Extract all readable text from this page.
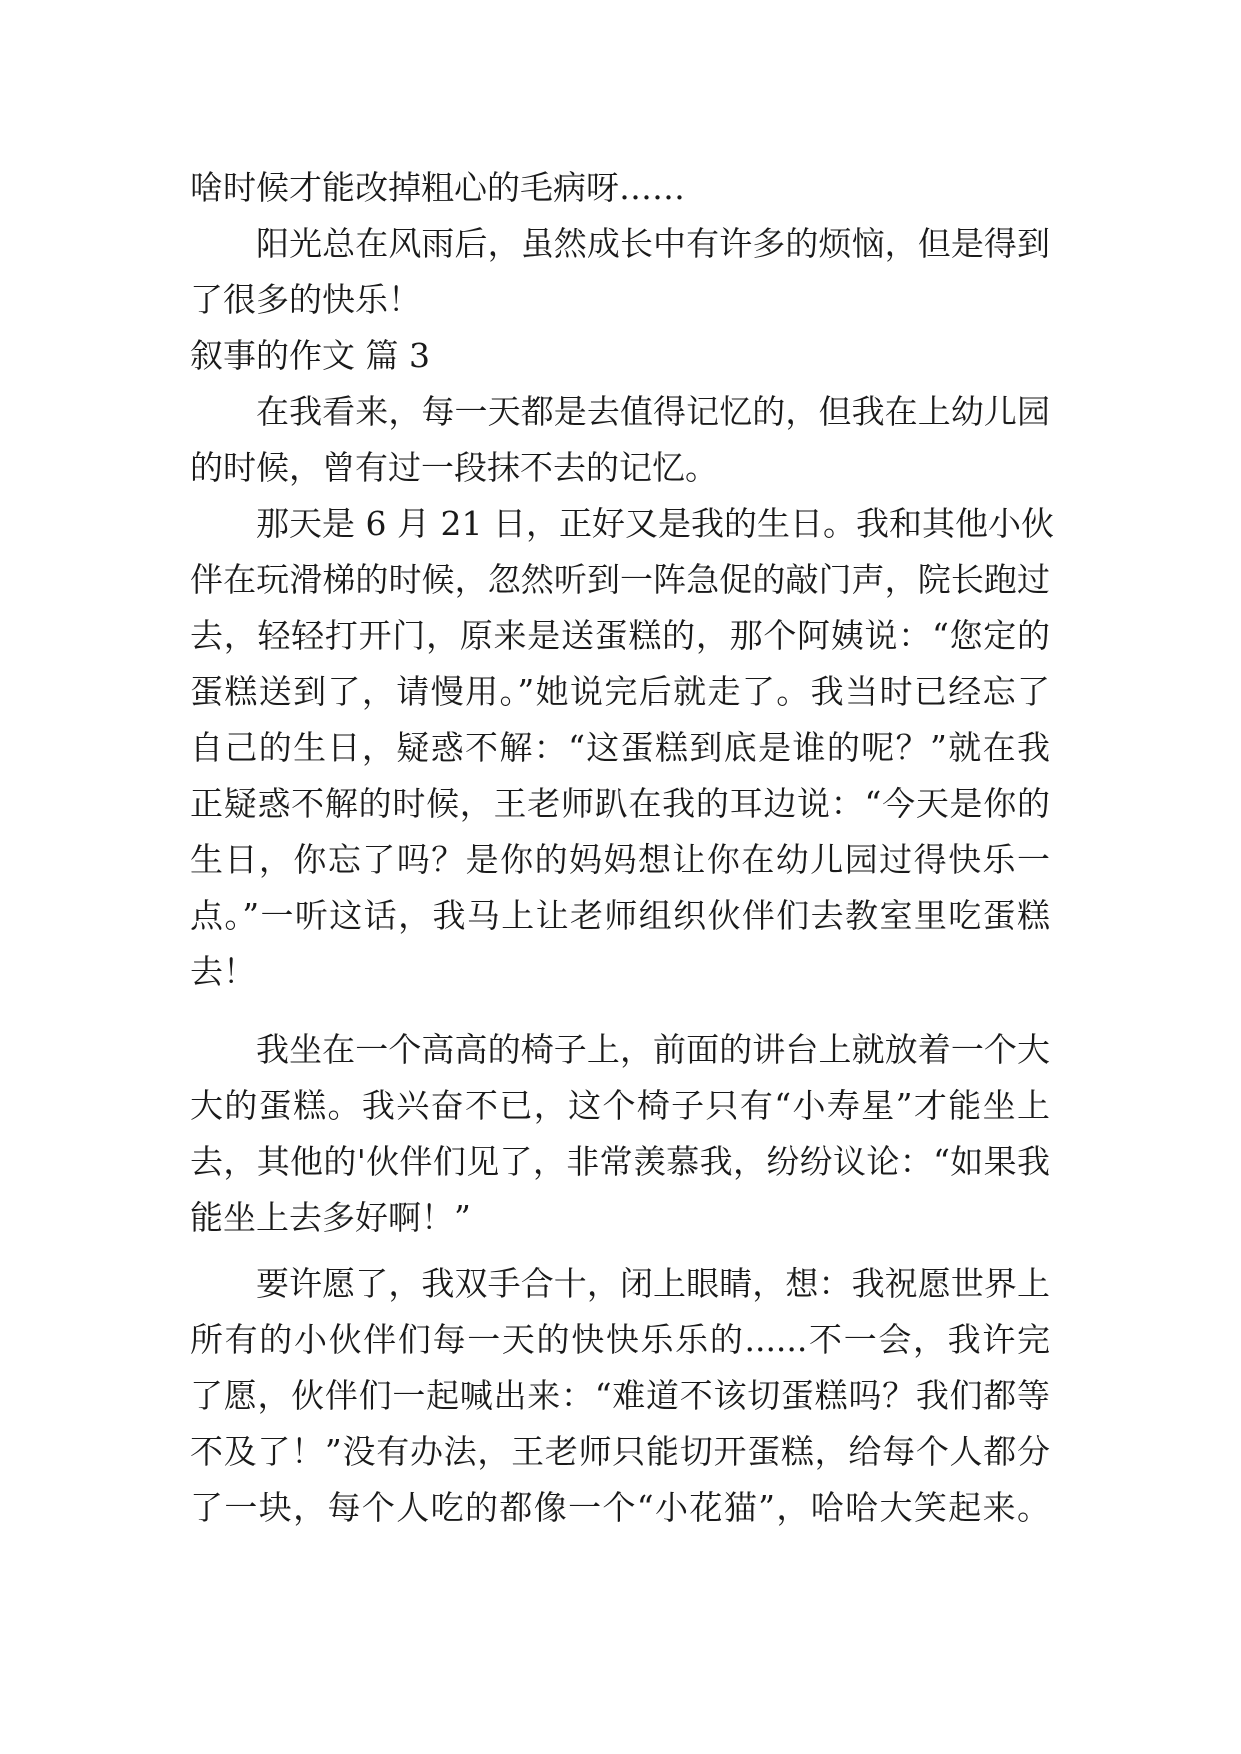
啥时候才能改掉粗心的毛病呀……
阳光总在风雨后，虽然成长中有许多的烦恼，但是得到
了很多的快乐！
叙事的作文 篇 3
在我看来，每一天都是去值得记忆的，但我在上幼儿园
的时候，曾有过一段抹不去的记忆。
那天是 6 月 21 日，正好又是我的生日。我和其他小伙
伴在玩滑梯的时候，忽然听到一阵急促的敲门声，院长跑过
去，轻轻打开门，原来是送蛋糕的，那个阿姨说：“您定的
蛋糕送到了，请慢用。”她说完后就走了。我当时已经忘了
自己的生日，疑惑不解：“这蛋糕到底是谁的呢？”就在我
正疑惑不解的时候，王老师趴在我的耳边说：“今天是你的
生日，你忘了吗？是你的妈妈想让你在幼儿园过得快乐一
点。”一听这话，我马上让老师组织伙伴们去教室里吃蛋糕
去！
我坐在一个高高的椅子上，前面的讲台上就放着一个大
大的蛋糕。我兴奋不已，这个椅子只有“小寿星”才能坐上
去，其他的'伙伴们见了，非常羡慕我，纷纷议论：“如果我
能坐上去多好啊！”
要许愿了，我双手合十，闭上眼睛，想：我祝愿世界上
所有的小伙伴们每一天的快快乐乐的......不一会，我许完
了愿，伙伴们一起喊出来：“难道不该切蛋糕吗？我们都等
不及了！”没有办法，王老师只能切开蛋糕，给每个人都分
了一块，每个人吃的都像一个“小花猫”，哈哈大笑起来。
